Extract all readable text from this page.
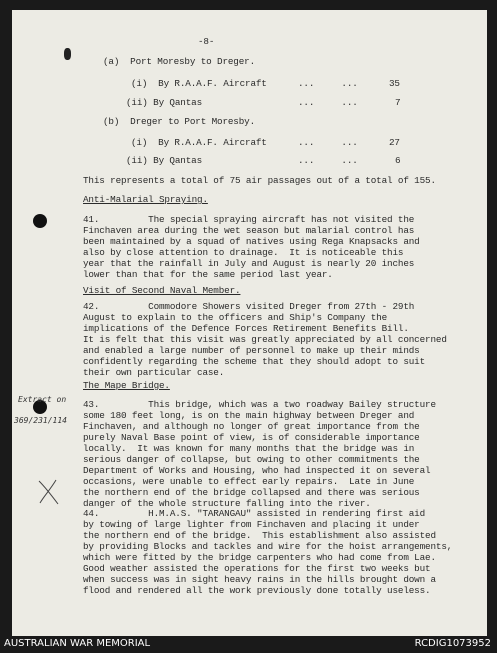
Extract on
369/231/114
-8-
(a)  Port Moresby to Dreger.
(i)  By R.A.A.F. Aircraft	...     ...	35
(ii) By Qantas	...     ...	7
(b)  Dreger to Port Moresby.
(i)  By R.A.A.F. Aircraft	...     ...	27
(ii) By Qantas	...     ...	6
This represents a total of 75 air passages out of a total of 155.
Anti-Malarial Spraying.
41.         The special spraying aircraft has not visited the
Finchaven area during the wet season but malarial control has
been maintained by a squad of natives using Rega Knapsacks and
also by close attention to drainage.  It is noticeable this
year that the rainfall in July and August is nearly 20 inches
lower than that for the same period last year.
Visit of Second Naval Member.
42.         Commodore Showers visited Dreger from 27th - 29th
August to explain to the officers and Ship's Company the
implications of the Defence Forces Retirement Benefits Bill.
It is felt that this visit was greatly appreciated by all concerned
and enabled a large number of personnel to make up their minds
confidently regarding the scheme that they should adopt to suit
their own particular case.
The Mape Bridge.
43.         This bridge, which was a two roadway Bailey structure
some 180 feet long, is on the main highway between Dreger and
Finchaven, and although no longer of great importance from the
purely Naval Base point of view, is of considerable importance
locally.  It was known for many months that the bridge was in
serious danger of collapse, but owing to other commitments the
Department of Works and Housing, who had inspected it on several
occasions, were unable to effect early repairs.  Late in June
the northern end of the bridge collapsed and there was serious
danger of the whole structure falling into the river.
44.         H.M.A.S. "TARANGAU" assisted in rendering first aid
by towing of large lighter from Finchaven and placing it under
the northern end of the bridge.  This establishment also assisted
by providing Blocks and tackles and wire for the hoist arrangements,
which were fitted by the bridge carpenters who had come from Lae.
Good weather assisted the operations for the first two weeks but
when success was in sight heavy rains in the hills brought down a
flood and rendered all the work previously done totally useless.
AUSTRALIAN WAR MEMORIAL	RCDIG1073952
